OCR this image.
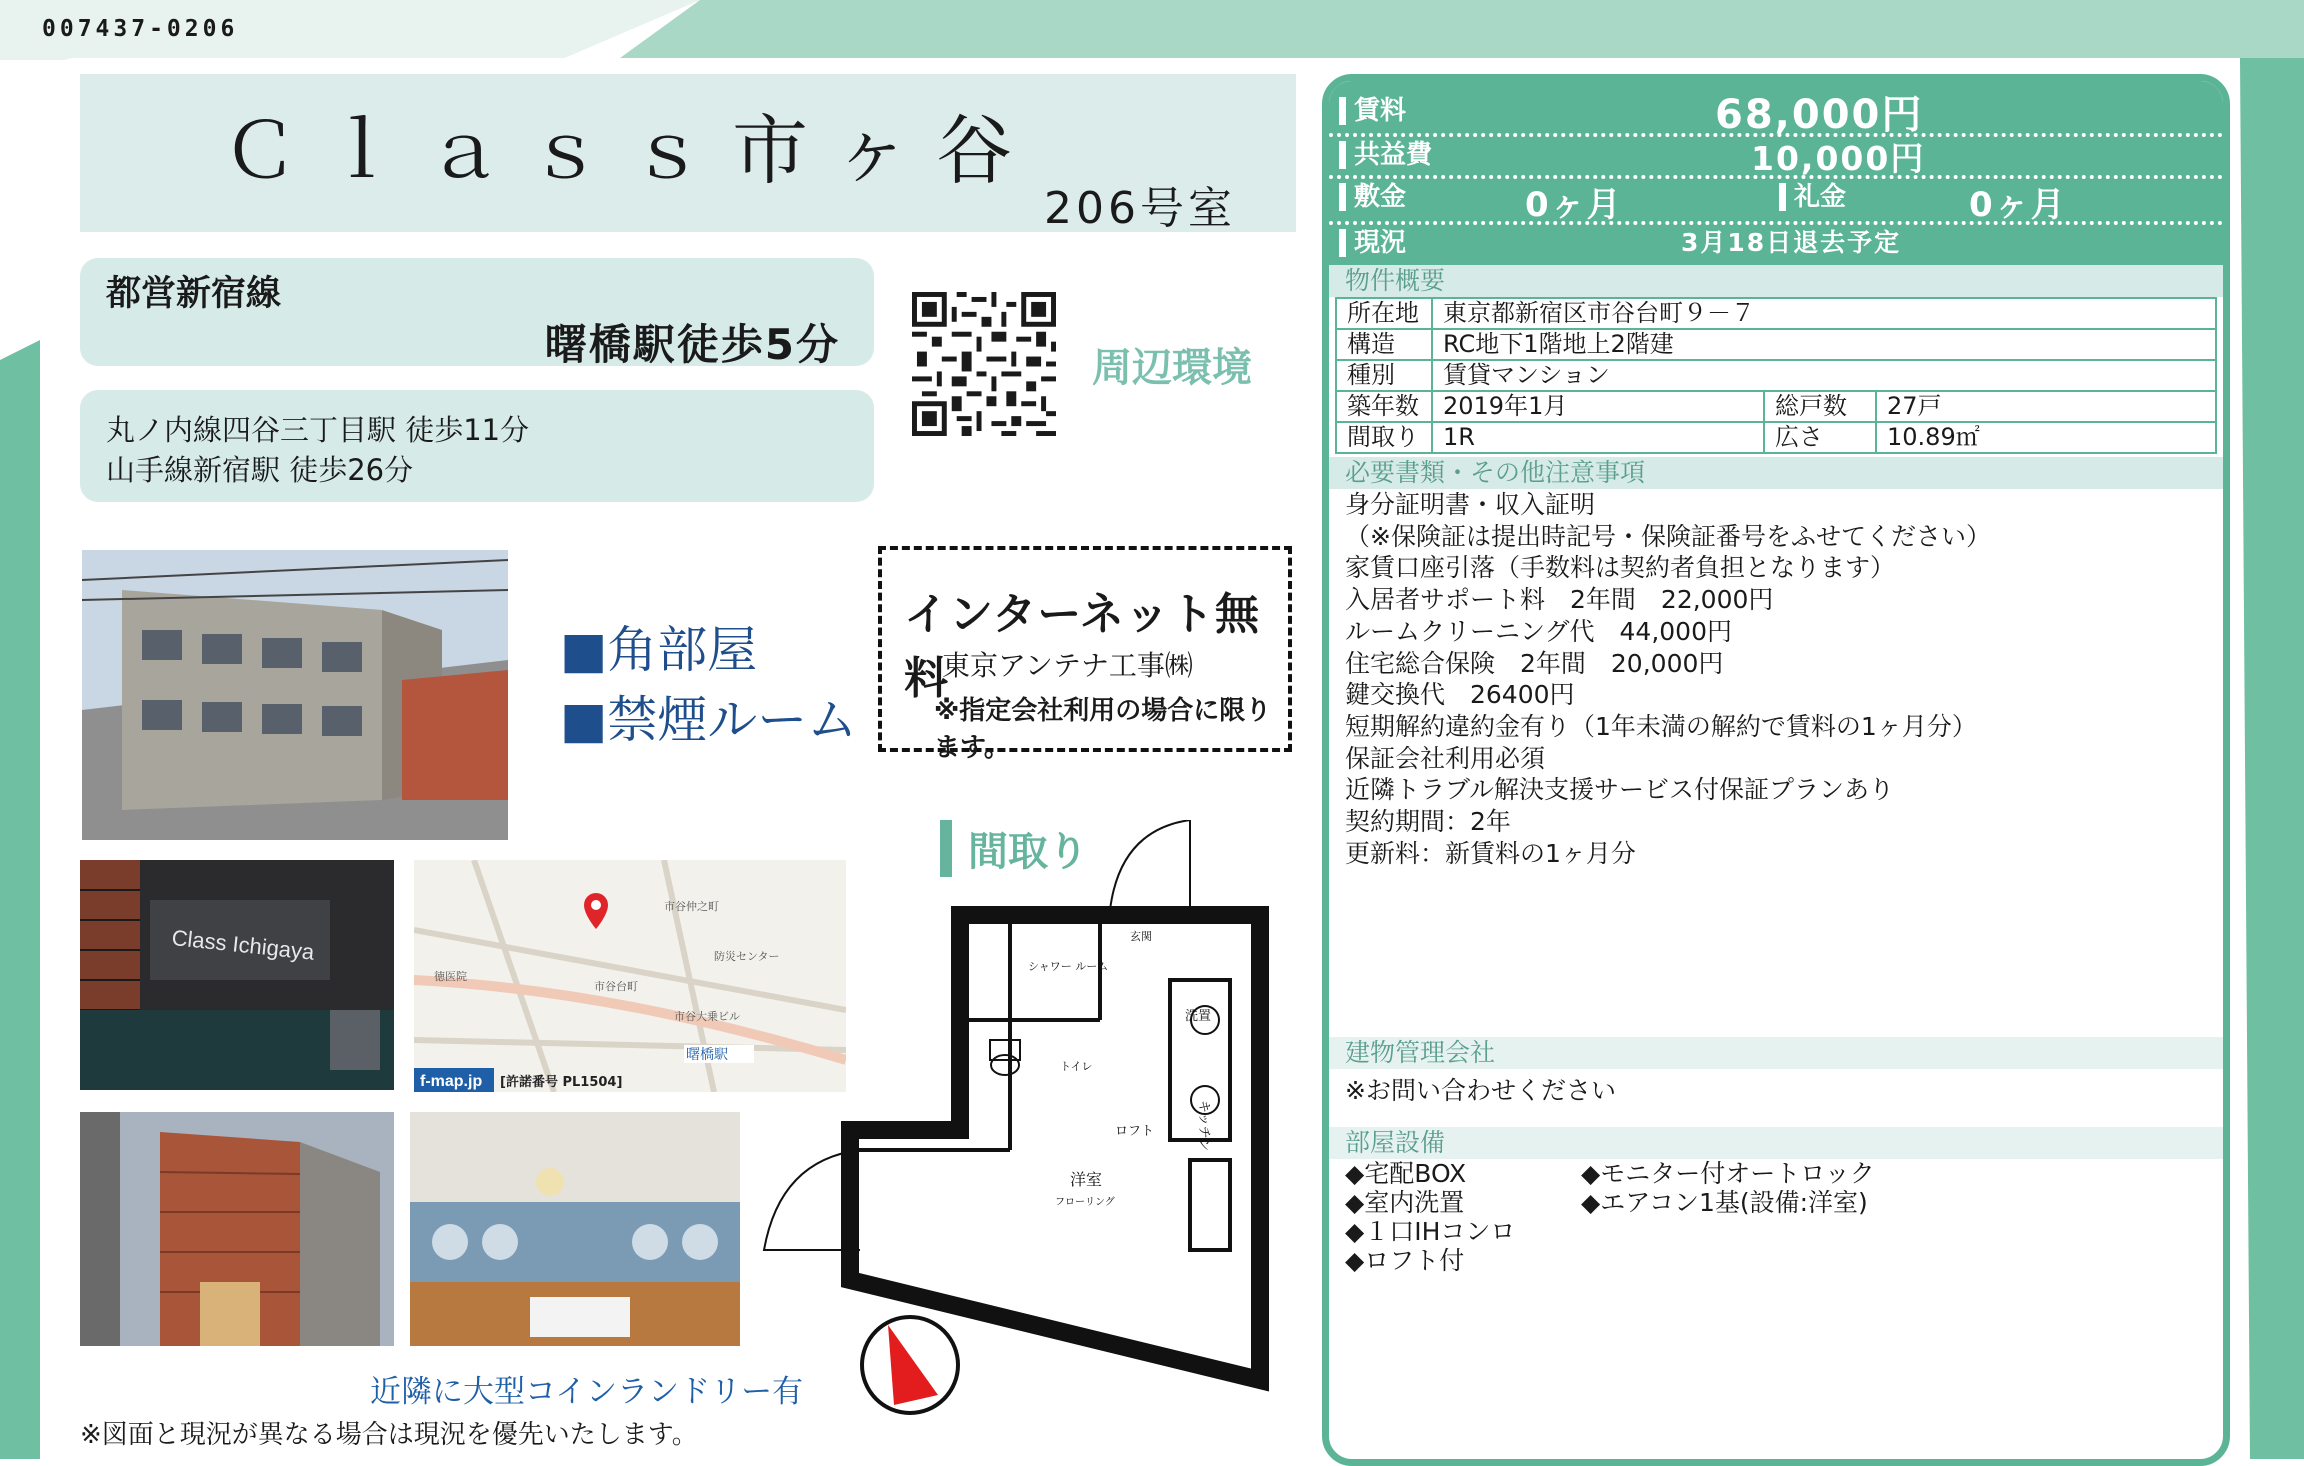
007437-0206
Ｃｌａｓｓ市ヶ谷
206号室
都営新宿線
曙橋駅徒歩5分
丸ノ内線四谷三丁目駅 徒歩11分
山手線新宿駅 徒歩26分
周辺環境
■角部屋
■禁煙ルーム
インターネット無料
東京アンテナ工事㈱
※指定会社利用の場合に限ります。
Class Ichigaya
市谷仲之町
市谷台町
防災センター
市谷大乗ビル
徳医院
曙橋駅
f-map.jp [許諾番号 PL1504]
間取り
玄関
シャワー ルーム
トイレ
洗置
キッチン
ロフト
洋室
フローリング
近隣に大型コインランドリー有
※図面と現況が異なる場合は現況を優先いたします。
賃料	68,000円
共益費	10,000円
敷金	0ヶ月	礼金	0ヶ月
現況	3月18日退去予定
物件概要
所在地	東京都新宿区市谷台町９－７		
構造	RC地下1階地上2階建		
種別	賃貸マンション		
築年数	2019年1月	総戸数	27戸
間取り	1R	広さ	10.89㎡
必要書類・その他注意事項
身分証明書・収入証明
（※保険証は提出時記号・保険証番号をふせてください）
家賃口座引落（手数料は契約者負担となります）
入居者サポート料　2年間　22,000円
ルームクリーニング代　44,000円
住宅総合保険　2年間　20,000円
鍵交換代　26400円
短期解約違約金有り（1年未満の解約で賃料の1ヶ月分）
保証会社利用必須
近隣トラブル解決支援サービス付保証プランあり
契約期間：2年
更新料：新賃料の1ヶ月分
建物管理会社
※お問い合わせください
部屋設備
◆宅配BOX
◆室内洗置
◆１口IHコンロ
◆ロフト付
◆モニター付オートロック
◆エアコン1基(設備:洋室)
